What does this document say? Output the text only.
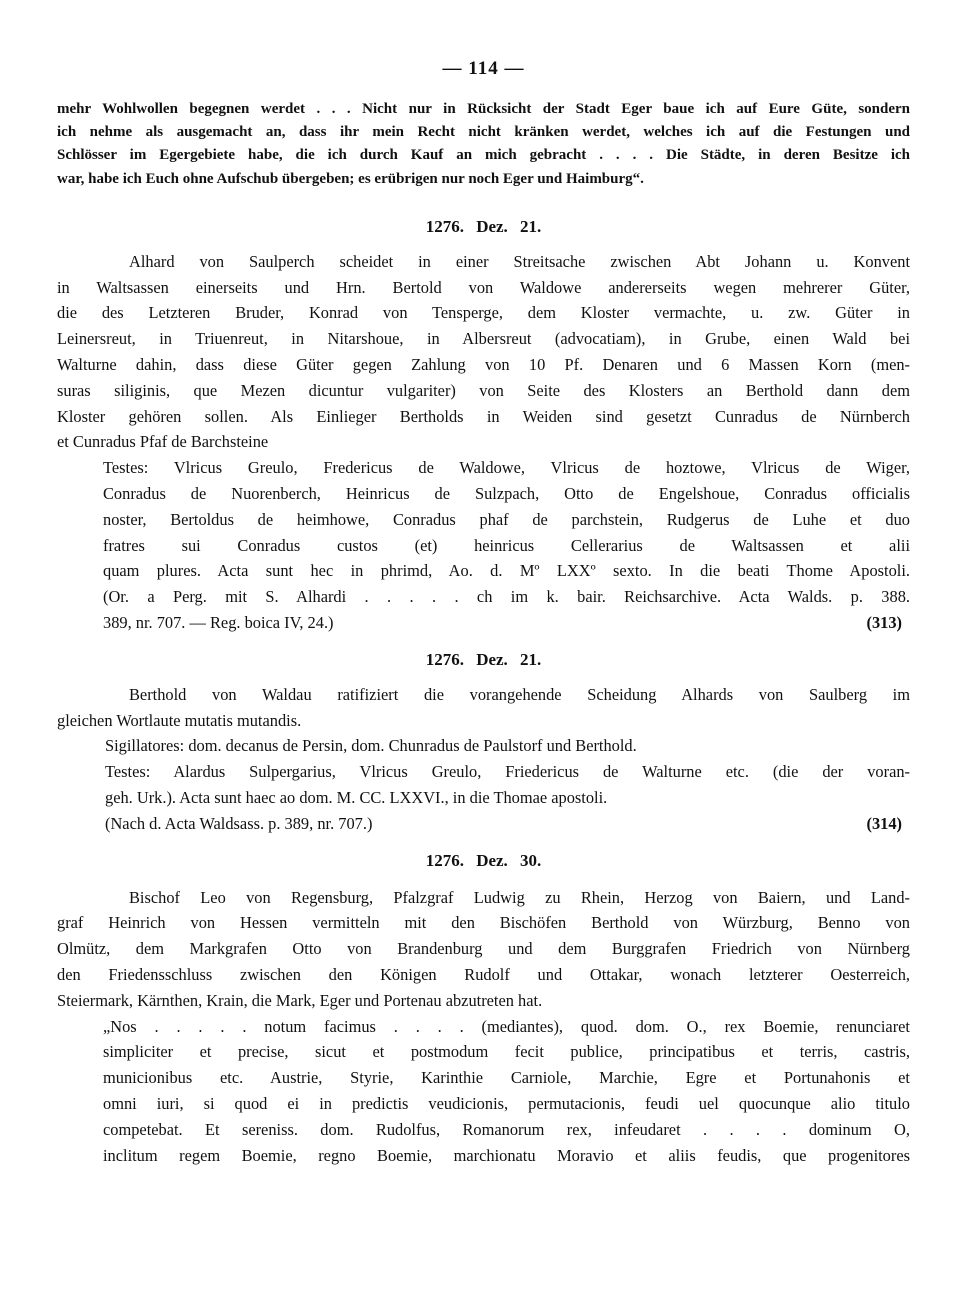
— 114 —
mehr Wohlwollen begegnen werdet . . . Nicht nur in Rücksicht der Stadt Eger baue ich auf Eure Güte, sondern
ich nehme als ausgemacht an, dass ihr mein Recht nicht kränken werdet, welches ich auf die Festungen und
Schlösser im Egergebiete habe, die ich durch Kauf an mich gebracht . . . . Die Städte, in deren Besitze ich
war, habe ich Euch ohne Aufschub übergeben; es erübrigen nur noch Eger und Haimburg“.
1276. Dez. 21.
Alhard von Saulperch scheidet in einer Streitsache zwischen Abt Johann u. Konvent
in Waltsassen einerseits und Hrn. Bertold von Waldowe andererseits wegen mehrerer Güter,
die des Letzteren Bruder, Konrad von Tensperge, dem Kloster vermachte, u. zw. Güter in
Leinersreut, in Triuenreut, in Nitarshoue, in Albersreut (advocatiam), in Grube, einen Wald bei
Walturne dahin, dass diese Güter gegen Zahlung von 10 Pf. Denaren und 6 Massen Korn (men-
suras siliginis, que Mezen dicuntur vulgariter) von Seite des Klosters an Berthold dann dem
Kloster gehören sollen. Als Einlieger Bertholds in Weiden sind gesetzt Cunradus de Nürnberch
et Cunradus Pfaf de Barchsteine
Testes: Vlricus Greulo, Fredericus de Waldowe, Vlricus de hoztowe, Vlricus de Wiger,
Conradus de Nuorenberch, Heinricus de Sulzpach, Otto de Engelshoue, Conradus officialis
noster, Bertoldus de heimhowe, Conradus phaf de parchstein, Rudgerus de Luhe et duo
fratres sui Conradus custos (et) heinricus Cellerarius de Waltsassen et alii
quam plures. Acta sunt hec in phrimd, Ao. d. Mº LXXº sexto. In die beati Thome Apostoli.
(Or. a Perg. mit S. Alhardi . . . . . ch im k. bair. Reichsarchive. Acta Walds. p. 388.
389, nr. 707. — Reg. boica IV, 24.)	(313)
1276. Dez. 21.
Berthold von Waldau ratifiziert die vorangehende Scheidung Alhards von Saulberg im
gleichen Wortlaute mutatis mutandis.
Sigillatores: dom. decanus de Persin, dom. Chunradus de Paulstorf und Berthold.
Testes: Alardus Sulpergarius, Vlricus Greulo, Friedericus de Walturne etc. (die der voran-
geh. Urk.). Acta sunt haec ao dom. M. CC. LXXVI., in die Thomae apostoli.
(Nach d. Acta Waldsass. p. 389, nr. 707.)	(314)
1276. Dez. 30.
Bischof Leo von Regensburg, Pfalzgraf Ludwig zu Rhein, Herzog von Baiern, und Land-
graf Heinrich von Hessen vermitteln mit den Bischöfen Berthold von Würzburg, Benno von
Olmütz, dem Markgrafen Otto von Brandenburg und dem Burggrafen Friedrich von Nürnberg
den Friedensschluss zwischen den Königen Rudolf und Ottakar, wonach letzterer Oesterreich,
Steiermark, Kärnthen, Krain, die Mark, Eger und Portenau abzutreten hat.
„Nos . . . . . notum facimus . . . . (mediantes), quod. dom. O., rex Boemie, renunciaret
simpliciter et precise, sicut et postmodum fecit publice, principatibus et terris, castris,
municionibus etc. Austrie, Styrie, Karinthie Carniole, Marchie, Egre et Portunahonis et
omni iuri, si quod ei in predictis veudicionis, permutacionis, feudi uel quocunque alio titulo
competebat. Et sereniss. dom. Rudolfus, Romanorum rex, infeudaret . . . . dominum O,
inclitum regem Boemie, regno Boemie, marchionatu Moravio et aliis feudis, que progenitores
